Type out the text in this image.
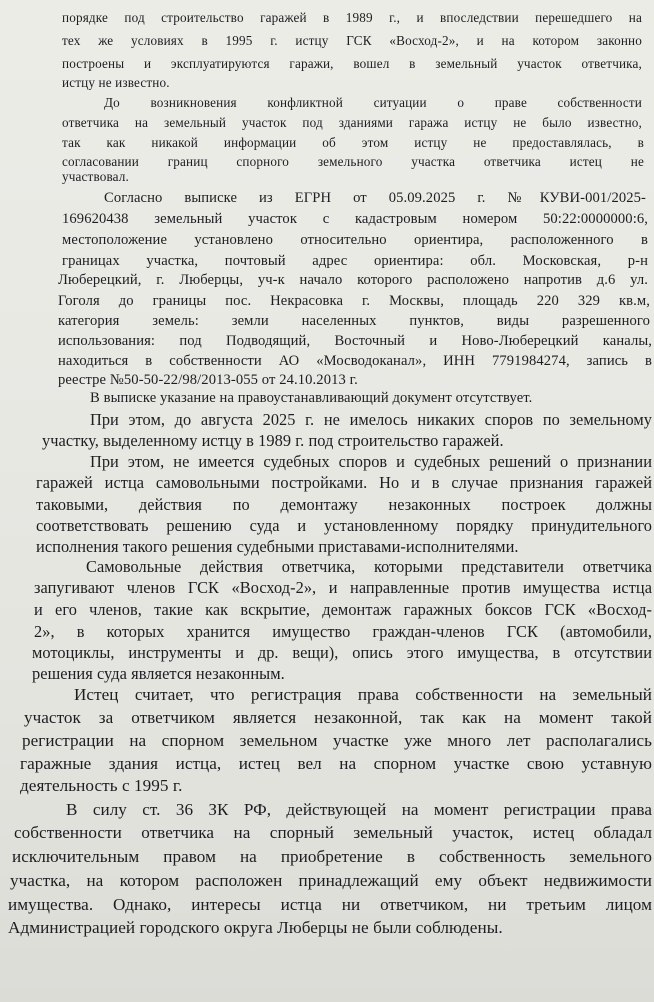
порядке под строительство гаражей в 1989 г., и впоследствии перешедшего на

тех же условиях в 1995 г. истцу ГСК «Восход-2», и на котором законно

построены и эксплуатируются гаражи, вошел в земельный участок ответчика,

истцу не известно.

До возникновения конфликтной ситуации о праве собственности

ответчика на земельный участок под зданиями гаража истцу не было известно,

так как никакой информации об этом истцу не предоставлялась, в

согласовании границ спорного земельного участка ответчика истец не

участвовал.

Согласно выписке из ЕГРН от 05.09.2025 г. №КУВИ-001/2025-

169620438 земельный участок с кадастровым номером 50:22:0000000:6,

местоположение установлено относительно ориентира, расположенного в

границах участка, почтовый адрес ориентира: обл. Московская, р-н

Люберецкий, г. Люберцы, уч-к начало которого расположено напротив д.6 ул.

Гоголя до границы пос. Некрасовка г. Москвы, площадь 220 329 кв.м,

категория земель: земли населенных пунктов, виды разрешенного

использования: под Подводящий, Восточный и Ново-Люберецкий каналы,

находиться в собственности АО «Мосводоканал», ИНН 7791984274, запись в

реестре №50-50-22/98/2013-055 от 24.10.2013 г.

В выписке указание на правоустанавливающий документ отсутствует.

При этом, до августа 2025 г. не имелось никаких споров по земельному

участку, выделенному истцу в 1989 г. под строительство гаражей.

При этом, не имеется судебных споров и судебных решений о признании

гаражей истца самовольными постройками. Но и в случае признания гаражей

таковыми, действия по демонтажу незаконных построек должны

соответствовать решению суда и установленному порядку принудительного

исполнения такого решения судебными приставами-исполнителями.

Самовольные действия ответчика, которыми представители ответчика

запугивают членов ГСК «Восход-2», и направленные против имущества истца

и его членов, такие как вскрытие, демонтаж гаражных боксов ГСК «Восход-

2», в которых хранится имущество граждан-членов ГСК (автомобили,

мотоциклы, инструменты и др. вещи), опись этого имущества, в отсутствии

решения суда является незаконным.

Истец считает, что регистрация права собственности на земельный

участок за ответчиком является незаконной, так как на момент такой

регистрации на спорном земельном участке уже много лет располагались

гаражные здания истца, истец вел на спорном участке свою уставную

деятельность с 1995 г.

В силу ст. 36 ЗК РФ, действующей на момент регистрации права

собственности ответчика на спорный земельный участок, истец обладал

исключительным правом на приобретение в собственность земельного

участка, на котором расположен принадлежащий ему объект недвижимости

имущества. Однако, интересы истца ни ответчиком, ни третьим лицом

Администрацией городского округа Люберцы не были соблюдены.
